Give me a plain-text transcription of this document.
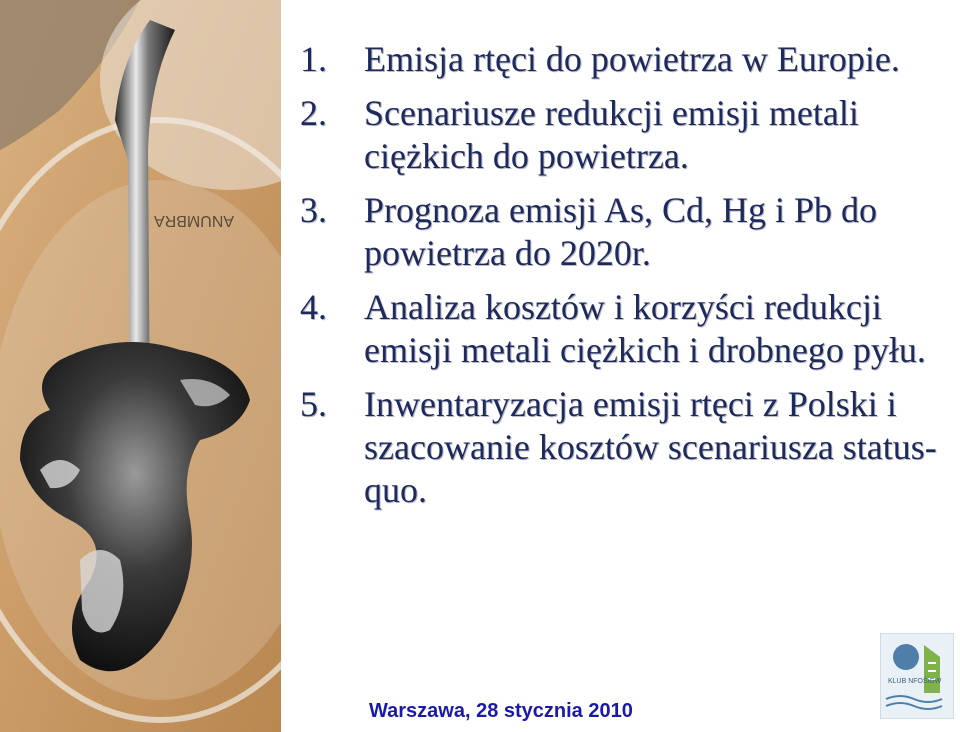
ANUMBRA
1. Emisja rtęci do powietrza w Europie.
2. Scenariusze redukcji emisji metali ciężkich do powietrza.
3. Prognoza emisji As, Cd, Hg i Pb do powietrza do 2020r.
4. Analiza kosztów i korzyści redukcji emisji metali ciężkich i drobnego pyłu.
5. Inwentaryzacja emisji rtęci z Polski i szacowanie kosztów scenariusza status-quo.
Warszawa, 28 stycznia 2010
KLUB NFOŚiGW
